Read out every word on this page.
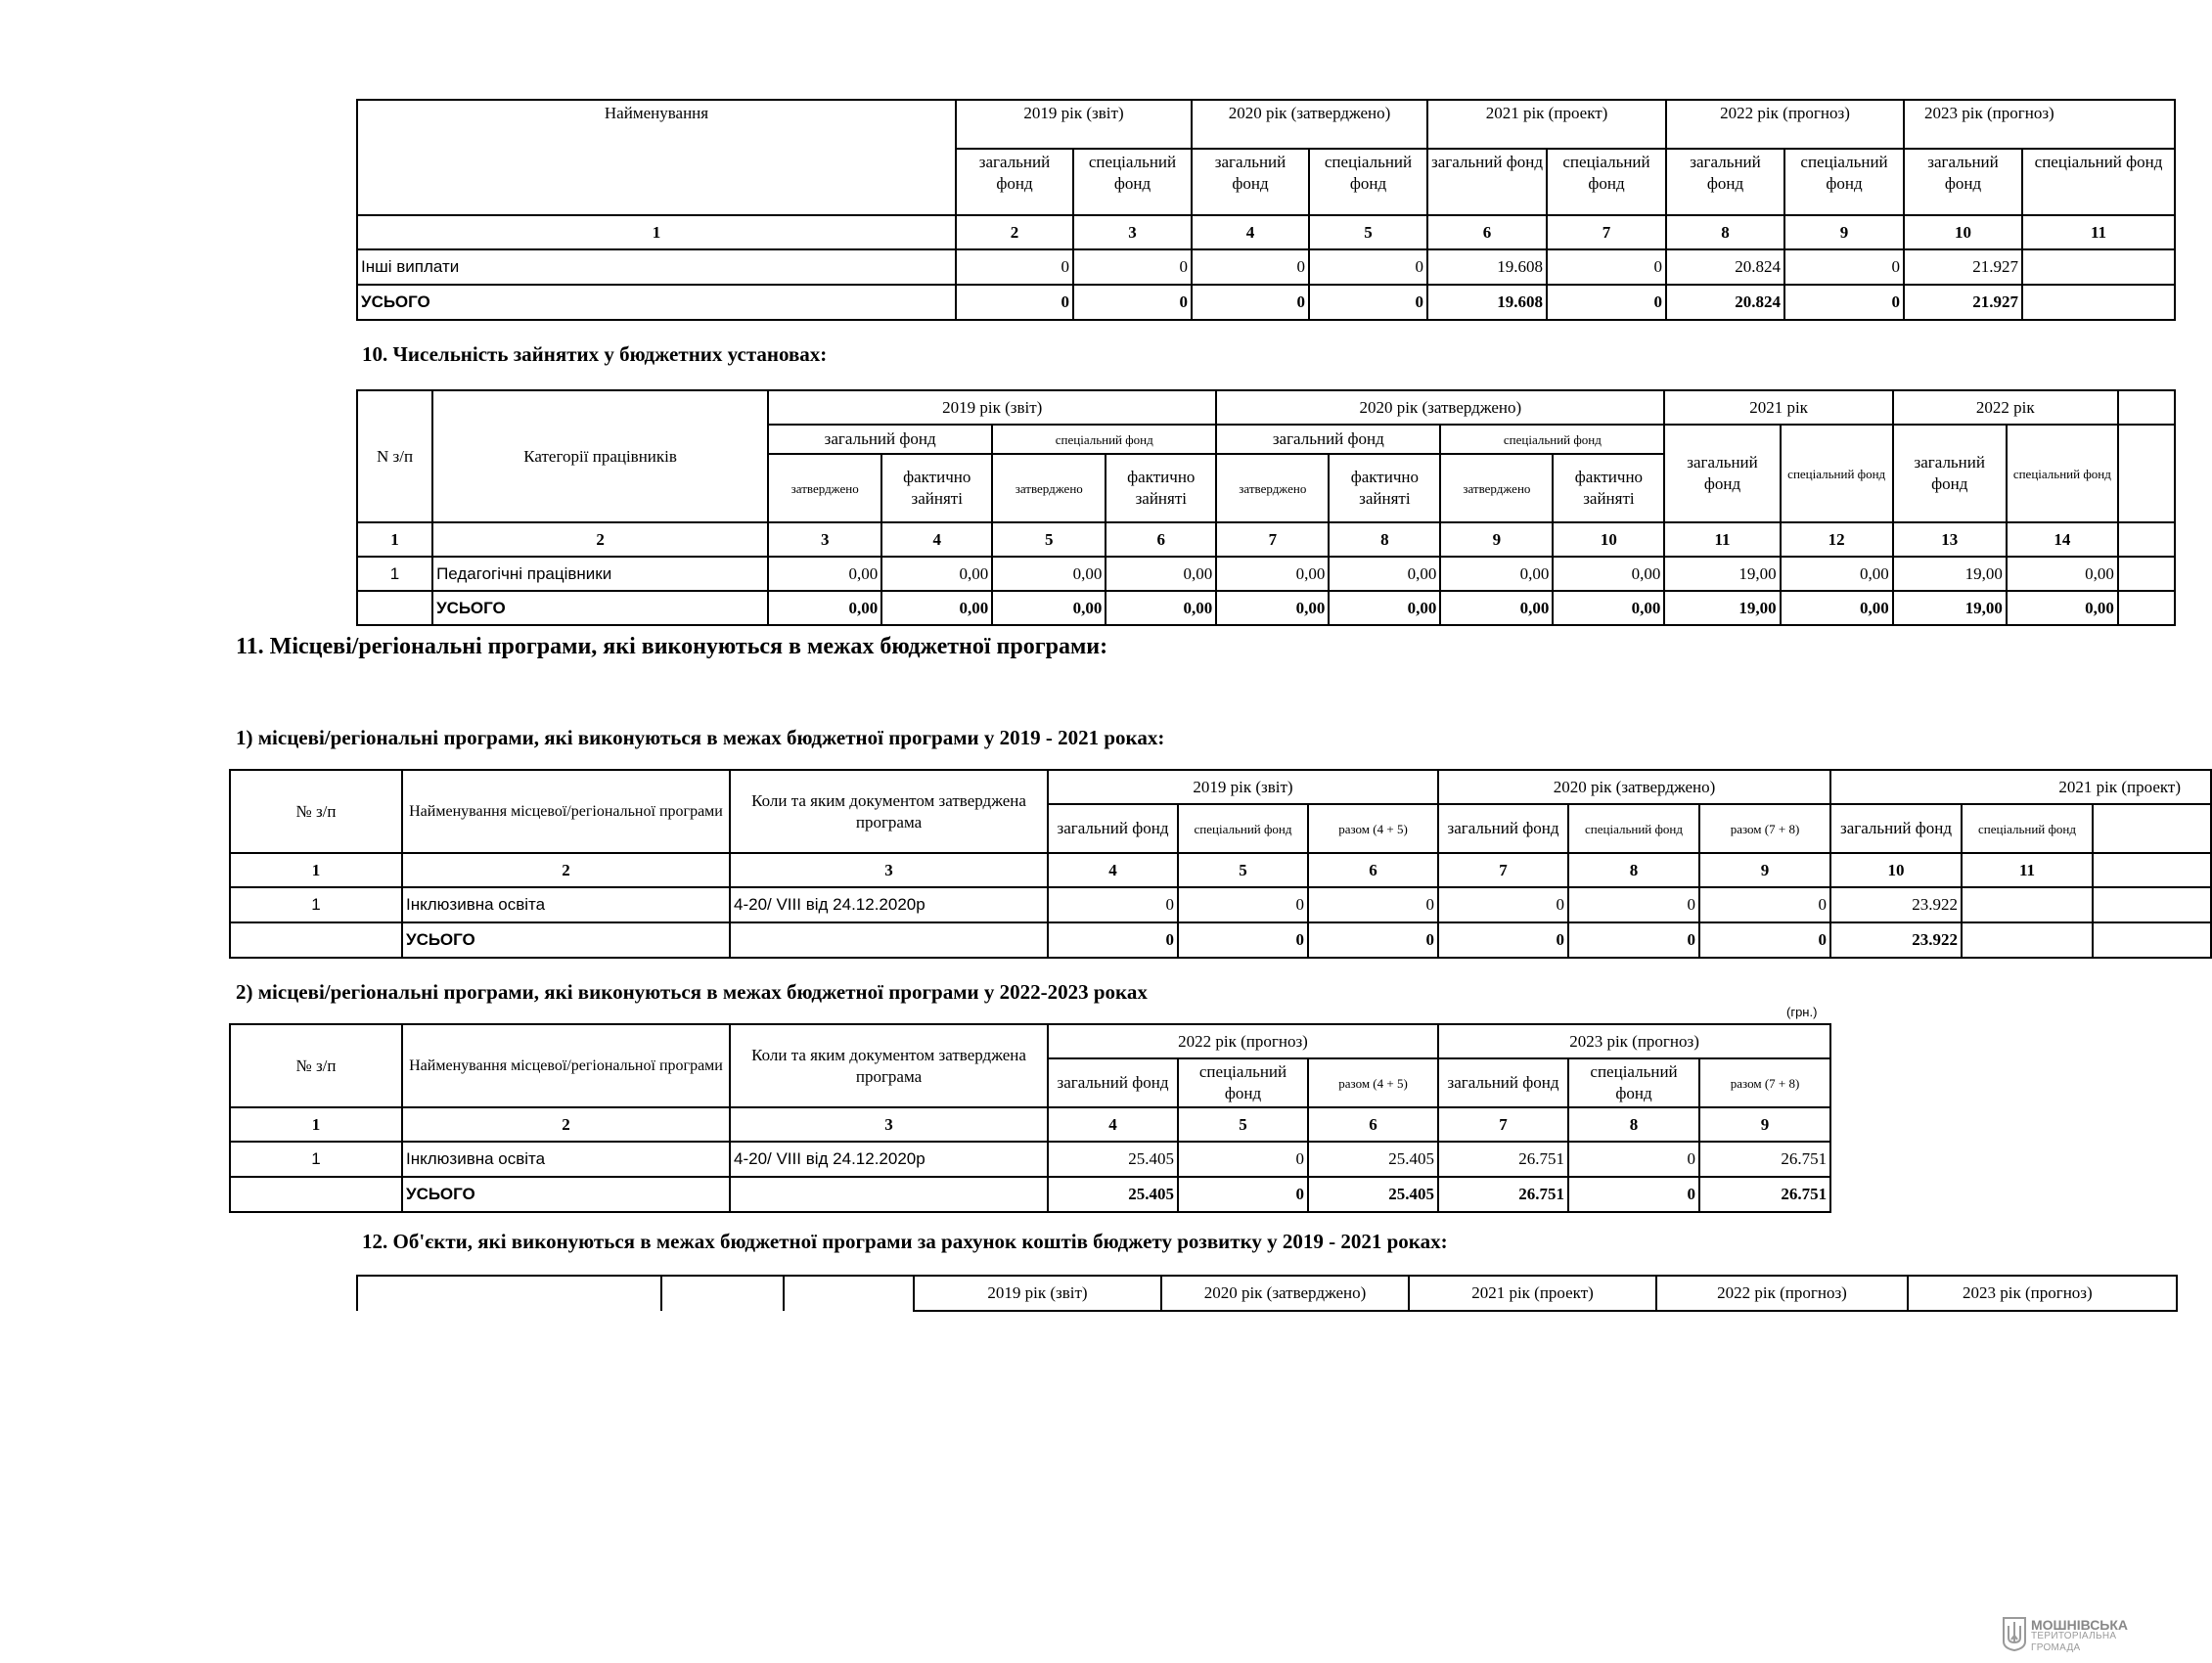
Найменування	2019 рік (звіт)		2020 рік (затверджено)		2021 рік (проект)		2022 рік (прогноз)		2023 рік (прогноз)	
	загальний фонд	спеціальний фонд	загальний фонд	спеціальний фонд	загальний фонд	спеціальний фонд	загальний фонд	спеціальний фонд	загальний фонд	спеціальний фонд
1	2	3	4	5	6	7	8	9	10	11
Інші виплати	0	0	0	0	19.608	0	20.824	0	21.927	
УСЬОГО	0	0	0	0	19.608	0	20.824	0	21.927	
10. Чисельність зайнятих у бюджетних установах:
N з/п	Категорії працівників	2019 рік (звіт)				2020 рік (затверджено)				2021 рік		2022 рік		
		загальний фонд		спеціальний фонд		загальний фонд		спеціальний фонд		загальний фонд	спеціальний фонд	загальний фонд	спеціальний фонд	
		затверджено	фактично зайняті	затверджено	фактично зайняті	затверджено	фактично зайняті	затверджено	фактично зайняті					
1	2	3	4	5	6	7	8	9	10	11	12	13	14	
1	Педагогічні працівники	0,00	0,00	0,00	0,00	0,00	0,00	0,00	0,00	19,00	0,00	19,00	0,00	
	УСЬОГО	0,00	0,00	0,00	0,00	0,00	0,00	0,00	0,00	19,00	0,00	19,00	0,00	
11. Місцеві/регіональні програми, які виконуються в межах бюджетної програми:
1) місцеві/регіональні програми, які виконуються в межах бюджетної програми у 2019 - 2021 роках:
№ з/п	Найменування місцевої/регіональної програми	Коли та яким документом затверджена програма	2019 рік (звіт)			2020 рік (затверджено)			2021 рік (проект)		
			загальний фонд	спеціальний фонд	разом (4 + 5)	загальний фонд	спеціальний фонд	разом (7 + 8)	загальний фонд	спеціальний фонд	
1	2	3	4	5	6	7	8	9	10	11	
1	Інклюзивна освіта	4-20/ VIII від 24.12.2020р	0	0	0	0	0	0	23.922		
	УСЬОГО		0	0	0	0	0	0	23.922		
2) місцеві/регіональні програми, які виконуються в межах бюджетної програми у 2022-2023 роках
(грн.)
№ з/п	Найменування місцевої/регіональної програми	Коли та яким документом затверджена програма	2022 рік (прогноз)			2023 рік (прогноз)		
			загальний фонд	спеціальний фонд	разом (4 + 5)	загальний фонд	спеціальний фонд	разом (7 + 8)
1	2	3	4	5	6	7	8	9
1	Інклюзивна освіта	4-20/ VIII від 24.12.2020р	25.405	0	25.405	26.751	0	26.751
	УСЬОГО		25.405	0	25.405	26.751	0	26.751
12. Об'єкти, які виконуються в межах бюджетної програми за рахунок коштів бюджету розвитку у 2019 - 2021 роках:
			2019 рік (звіт)	2020 рік (затверджено)	2021 рік (проект)	2022 рік (прогноз)	2023 рік (прогноз)
МОШНІВСЬКА
ТЕРИТОРІАЛЬНА
ГРОМАДА
